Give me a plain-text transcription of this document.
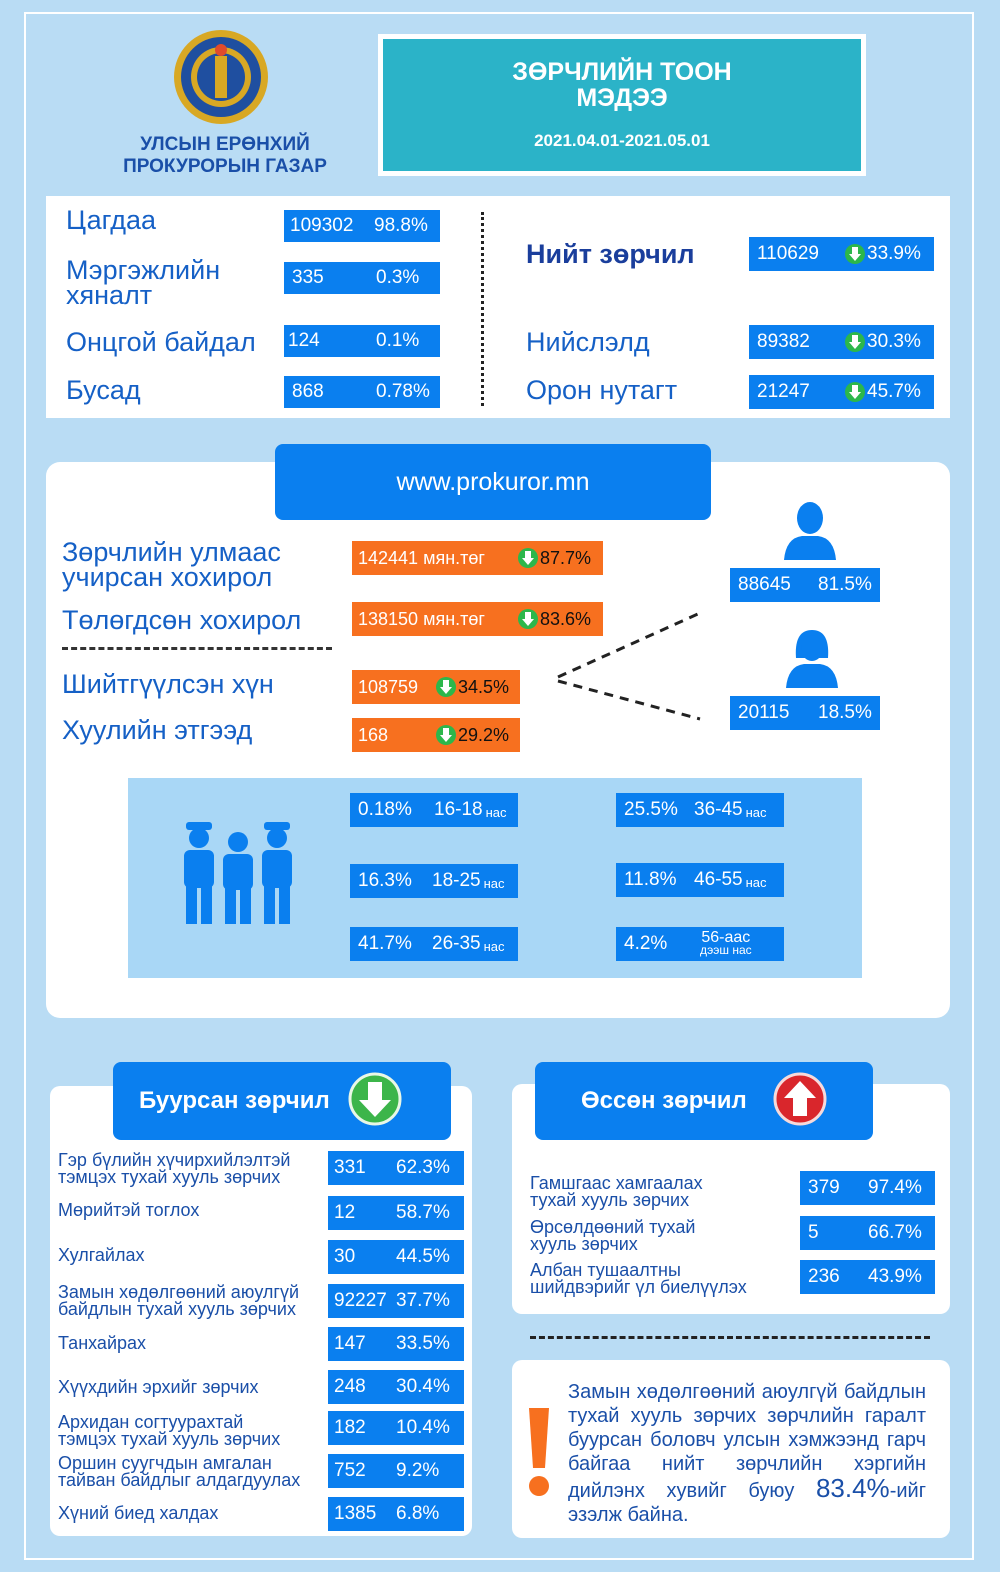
УЛСЫН ЕРӨНХИЙ
ПРОКУРОРЫН ГАЗАР
ЗӨРЧЛИЙН ТООН
МЭДЭЭ
2021.04.01-2021.05.01
Цагдаа	109302	98.8%
Мэргэжлийн
хяналт
335	0.3%
Онцгой байдал 124	0.1%
Бусад	868	0.78%
Нийт зөрчил	110629	33.9%
Нийслэлд	89382	30.3%
Орон нутагт	21247	45.7%
www.prokuror.mn
Зөрчлийн улмаас
учирсан хохирол
142441 мян.төг	87.7%
Төлөгдсөн хохирол	138150 мян.төг	83.6%
Шийтгүүлсэн хүн	108759	34.5%
Хуулийн этгээд	168	29.2%
88645	81.5%
20115	18.5%
0.18%	16-18 нас
16.3%	18-25 нас
41.7%	26-35 нас
25.5% 36-45 нас
11.8% 46-55 нас
4.2%	56-аас
дээш нас
Буурсан зөрчил
Гэр бүлийн хүчирхийлэлтэй
тэмцэх тухай хууль зөрчих	331	62.3%
Мөрийтэй тоглох	12	58.7%
Хулгайлах	30	44.5%
Замын хөдөлгөөний аюулгүй
байдлын тухай хууль зөрчих 92227 37.7%
Танхайрах	147	33.5%
Хүүхдийн эрхийг зөрчих	248	30.4%
Архидан согтуурахтай
тэмцэх тухай хууль зөрчих
182	10.4%
Оршин суугчдын амгалан
тайван байдлыг алдагдуулах 752	9.2%
Хүний биед халдах	1385	6.8%
Өссөн зөрчил
Гамшгаас хамгаалах
тухай хууль зөрчих
379	97.4%
Өрсөлдөөний тухай
хууль зөрчих
5	66.7%
Албан тушаалтны
шийдвэрийг үл биелүүлэх	236	43.9%
Замын хөдөлгөөний аюулгүй байдлын тухай хууль зөрчих зөрчлийн гаралт буурсан боловч улсын хэмжээнд гарч байгаа нийт зөрчлийн хэргийн дийлэнх хувийг буюу 83.4%-ийг эзэлж байна.
